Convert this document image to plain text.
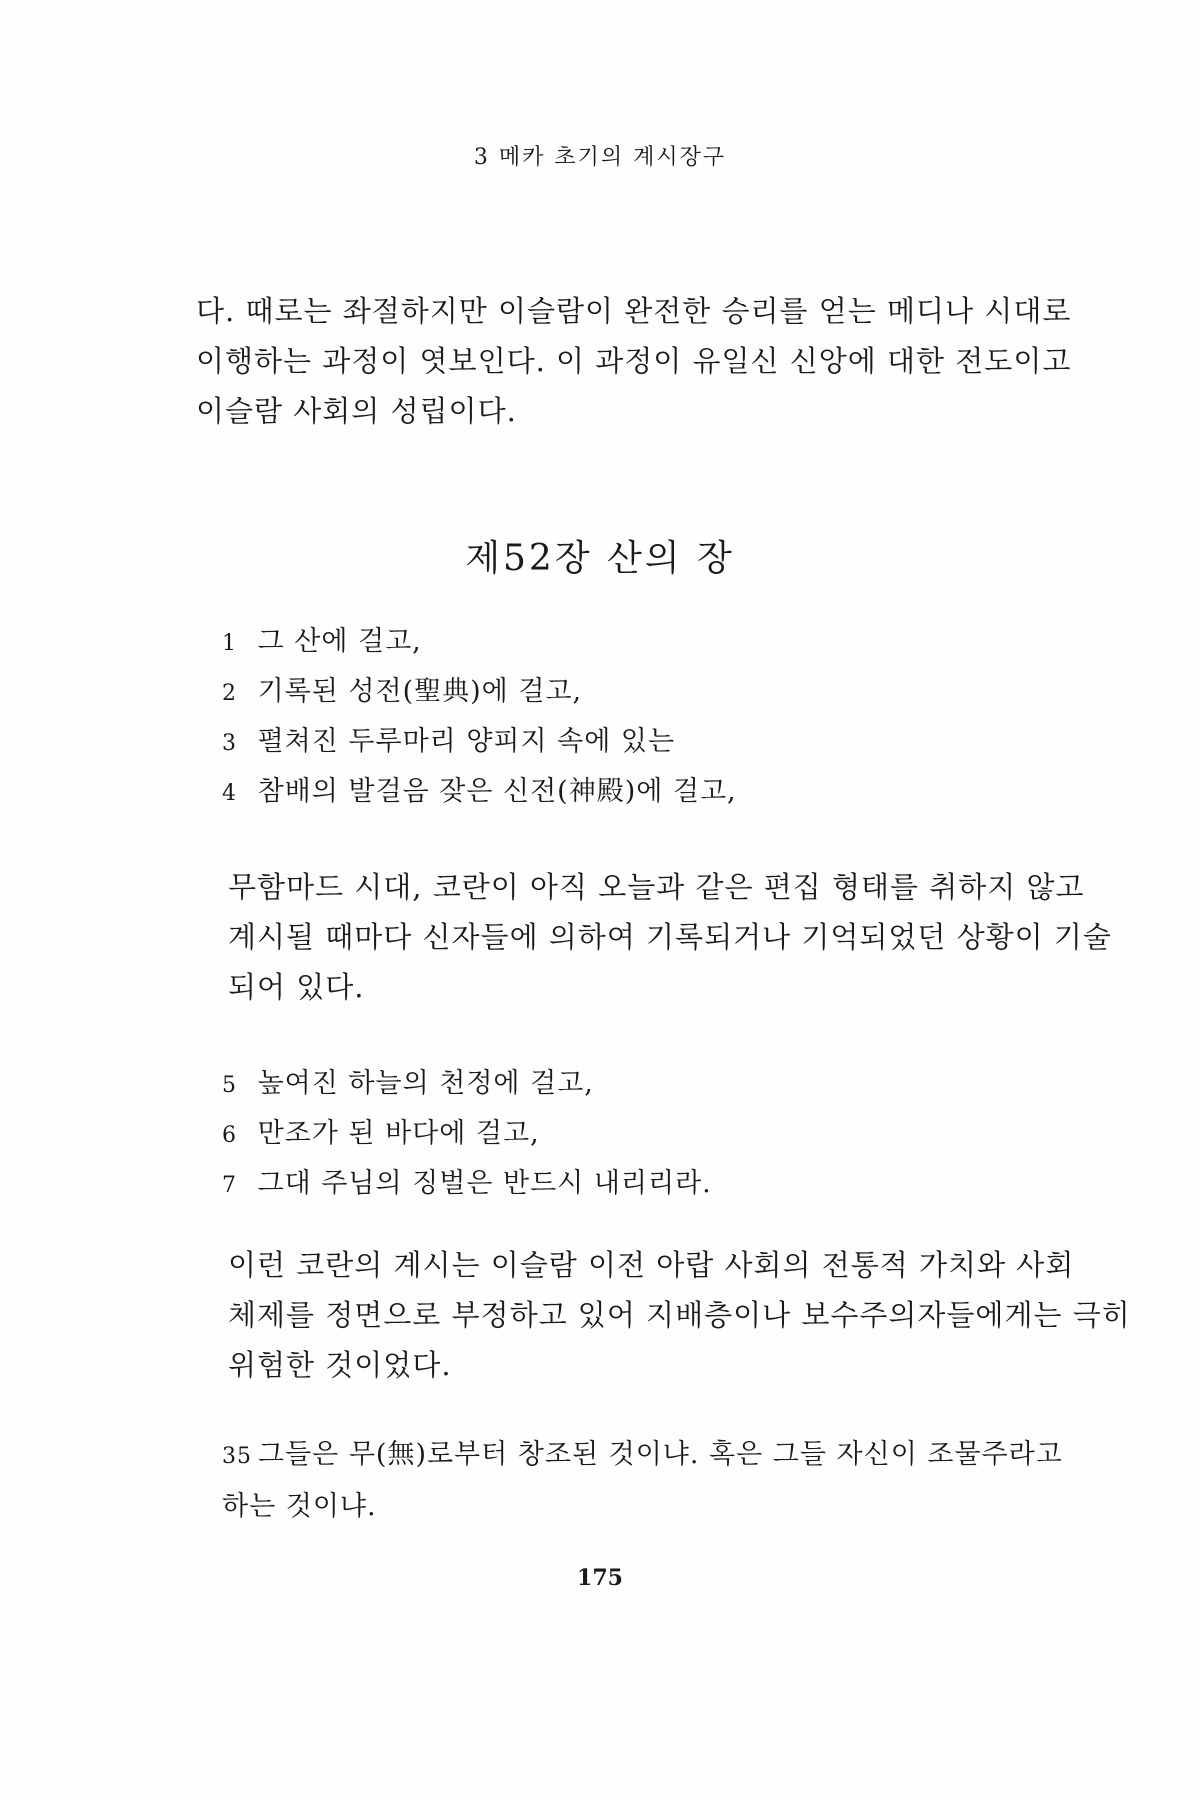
3 메카 초기의 계시장구

다. 때로는 좌절하지만 이슬람이 완전한 승리를 얻는 메디나 시대로
이행하는 과정이 엿보인다. 이 과정이 유일신 신앙에 대한 전도이고
이슬람 사회의 성립이다.

제52장 산의 장
1 그 산에 걸고,
2 기록된 성전(聖典)에 걸고,
3 펼쳐진 두루마리 양피지 속에 있는
4 참배의 발걸음 잦은 신전(神殿)에 걸고,

무함마드 시대, 코란이 아직 오늘과 같은 편집 형태를 취하지 않고
계시될 때마다 신자들에 의하여 기록되거나 기억되었던 상황이 기술
되어 있다.

5 높여진 하늘의 천정에 걸고,
6 만조가 된 바다에 걸고,
7 그대 주님의 징벌은 반드시 내리리라.

이런 코란의 계시는 이슬람 이전 아랍 사회의 전통적 가치와 사회
체제를 정면으로 부정하고 있어 지배층이나 보수주의자들에게는 극히
위험한 것이었다.

35 그들은 무(無)로부터 창조된 것이냐. 혹은 그들 자신이 조물주라고
하는 것이냐.
175
